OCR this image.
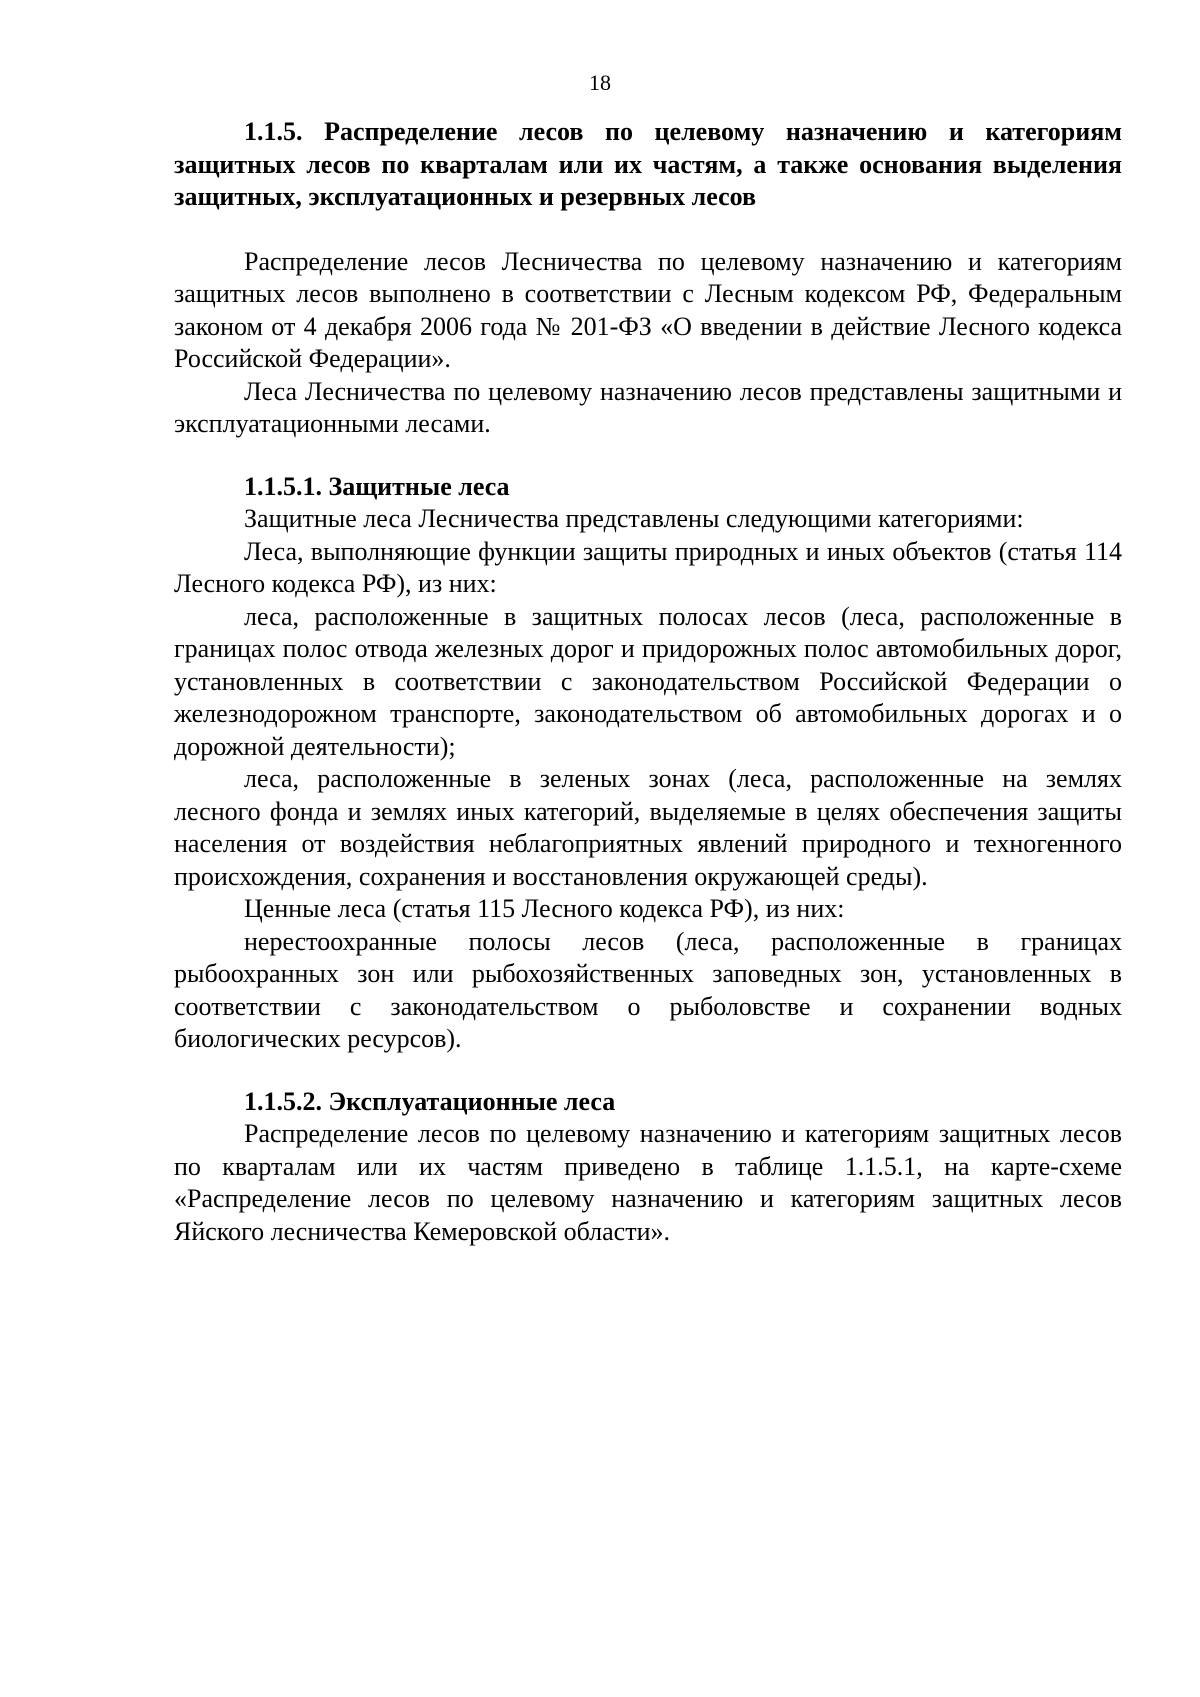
18

1.1.5. Распределение лесов по целевому назначению и категориям защитных лесов по кварталам или их частям, а также основания выделения защитных, эксплуатационных и резервных лесов

Распределение лесов Лесничества по целевому назначению и категориям защитных лесов выполнено в соответствии с Лесным кодексом РФ, Федеральным законом от 4 декабря 2006 года № 201-ФЗ «О введении в действие Лесного кодекса Российской Федерации».

Леса Лесничества по целевому назначению лесов представлены защитными и эксплуатационными лесами.

1.1.5.1. Защитные леса

Защитные леса Лесничества представлены следующими категориями:

Леса, выполняющие функции защиты природных и иных объектов (статья 114 Лесного кодекса РФ), из них:

леса, расположенные в защитных полосах лесов (леса, расположенные в границах полос отвода железных дорог и придорожных полос автомобильных дорог, установленных в соответствии с законодательством Российской Федерации о железнодорожном транспорте, законодательством об автомобильных дорогах и о дорожной деятельности);

леса, расположенные в зеленых зонах (леса, расположенные на землях лесного фонда и землях иных категорий, выделяемые в целях обеспечения защиты населения от воздействия неблагоприятных явлений природного и техногенного происхождения, сохранения и восстановления окружающей среды).

Ценные леса (статья 115 Лесного кодекса РФ), из них:

нерестоохранные полосы лесов (леса, расположенные в границах рыбоохранных зон или рыбохозяйственных заповедных зон, установленных в соответствии с законодательством о рыболовстве и сохранении водных биологических ресурсов).

1.1.5.2. Эксплуатационные леса

Распределение лесов по целевому назначению и категориям защитных лесов по кварталам или их частям приведено в таблице 1.1.5.1, на карте-схеме «Распределение лесов по целевому назначению и категориям защитных лесов Яйского лесничества Кемеровской области».
